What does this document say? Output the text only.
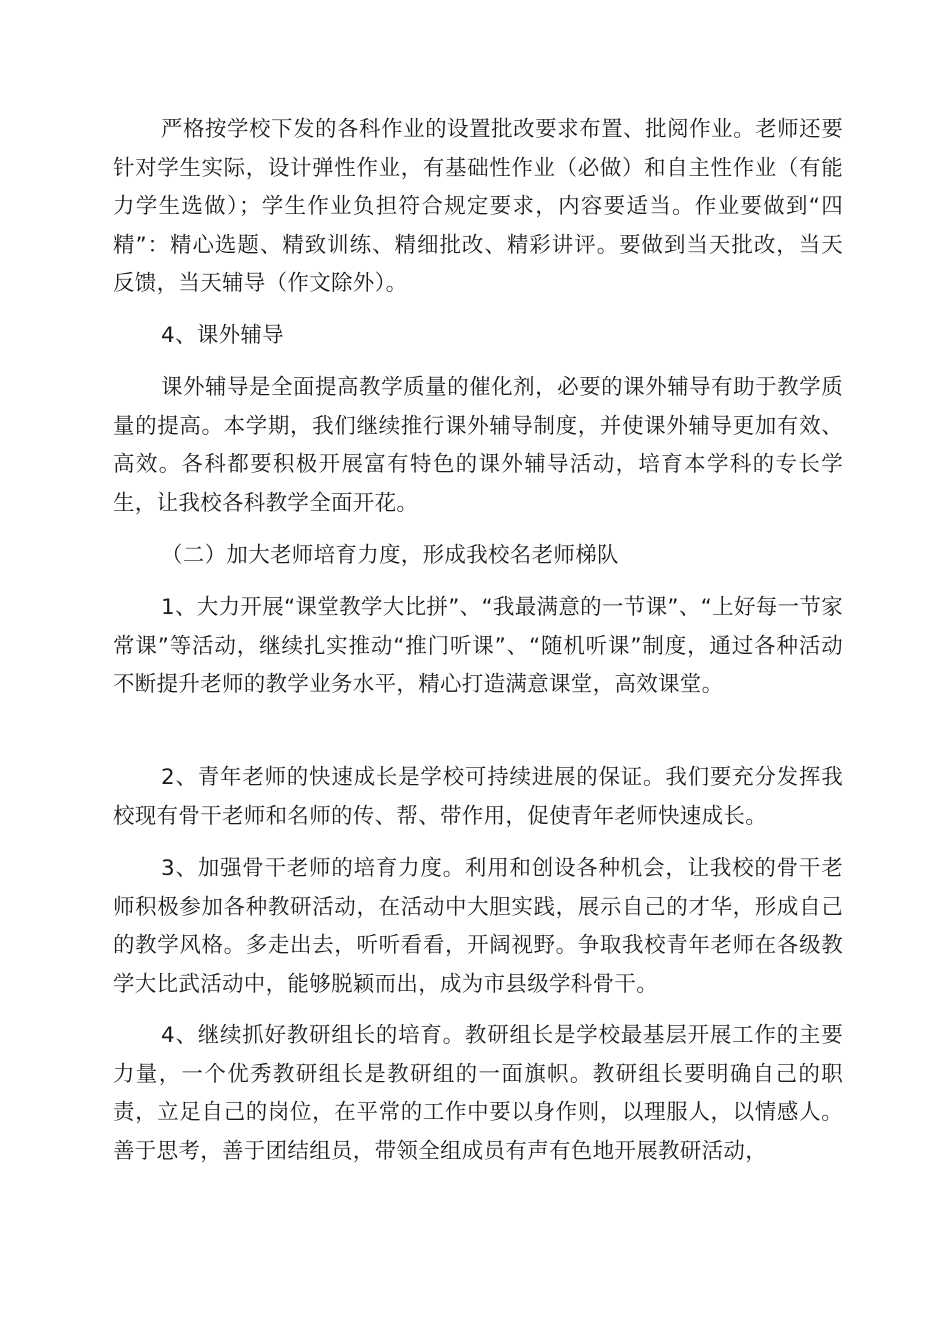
严格按学校下发的各科作业的设置批改要求布置、批阅作业。老师还要针对学生实际，设计弹性作业，有基础性作业（必做）和自主性作业（有能力学生选做）；学生作业负担符合规定要求，内容要适当。作业要做到“四精”：精心选题、精致训练、精细批改、精彩讲评。要做到当天批改，当天反馈，当天辅导（作文除外）。

4、课外辅导

课外辅导是全面提高教学质量的催化剂，必要的课外辅导有助于教学质量的提高。本学期，我们继续推行课外辅导制度，并使课外辅导更加有效、高效。各科都要积极开展富有特色的课外辅导活动，培育本学科的专长学生，让我校各科教学全面开花。

（二）加大老师培育力度，形成我校名老师梯队

1、大力开展“课堂教学大比拼”、“我最满意的一节课”、“上好每一节家常课”等活动，继续扎实推动“推门听课”、“随机听课”制度，通过各种活动不断提升老师的教学业务水平，精心打造满意课堂，高效课堂。

2、青年老师的快速成长是学校可持续进展的保证。我们要充分发挥我校现有骨干老师和名师的传、帮、带作用，促使青年老师快速成长。

3、加强骨干老师的培育力度。利用和创设各种机会，让我校的骨干老师积极参加各种教研活动，在活动中大胆实践，展示自己的才华，形成自己的教学风格。多走出去，听听看看，开阔视野。争取我校青年老师在各级教学大比武活动中，能够脱颖而出，成为市县级学科骨干。

4、继续抓好教研组长的培育。教研组长是学校最基层开展工作的主要力量，一个优秀教研组长是教研组的一面旗帜。教研组长要明确自己的职责，立足自己的岗位，在平常的工作中要以身作则，以理服人，以情感人。善于思考，善于团结组员，带领全组成员有声有色地开展教研活动，
